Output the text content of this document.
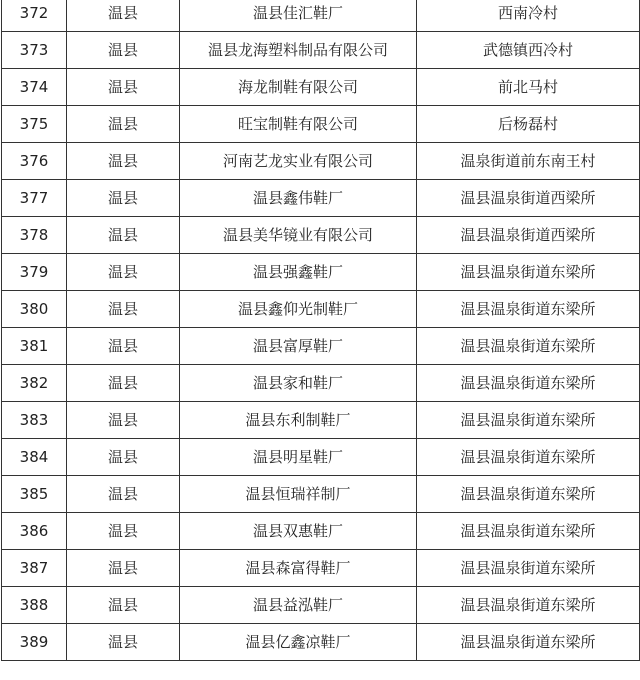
372	温县	温县佳汇鞋厂	西南冷村
373	温县	温县龙海塑料制品有限公司	武德镇西冷村
374	温县	海龙制鞋有限公司	前北马村
375	温县	旺宝制鞋有限公司	后杨磊村
376	温县	河南艺龙实业有限公司	温泉街道前东南王村
377	温县	温县鑫伟鞋厂	温县温泉街道西梁所
378	温县	温县美华镜业有限公司	温县温泉街道西梁所
379	温县	温县强鑫鞋厂	温县温泉街道东梁所
380	温县	温县鑫仰光制鞋厂	温县温泉街道东梁所
381	温县	温县富厚鞋厂	温县温泉街道东梁所
382	温县	温县家和鞋厂	温县温泉街道东梁所
383	温县	温县东利制鞋厂	温县温泉街道东梁所
384	温县	温县明星鞋厂	温县温泉街道东梁所
385	温县	温县恒瑞祥制厂	温县温泉街道东梁所
386	温县	温县双惠鞋厂	温县温泉街道东梁所
387	温县	温县森富得鞋厂	温县温泉街道东梁所
388	温县	温县益泓鞋厂	温县温泉街道东梁所
389	温县	温县亿鑫凉鞋厂	温县温泉街道东梁所
